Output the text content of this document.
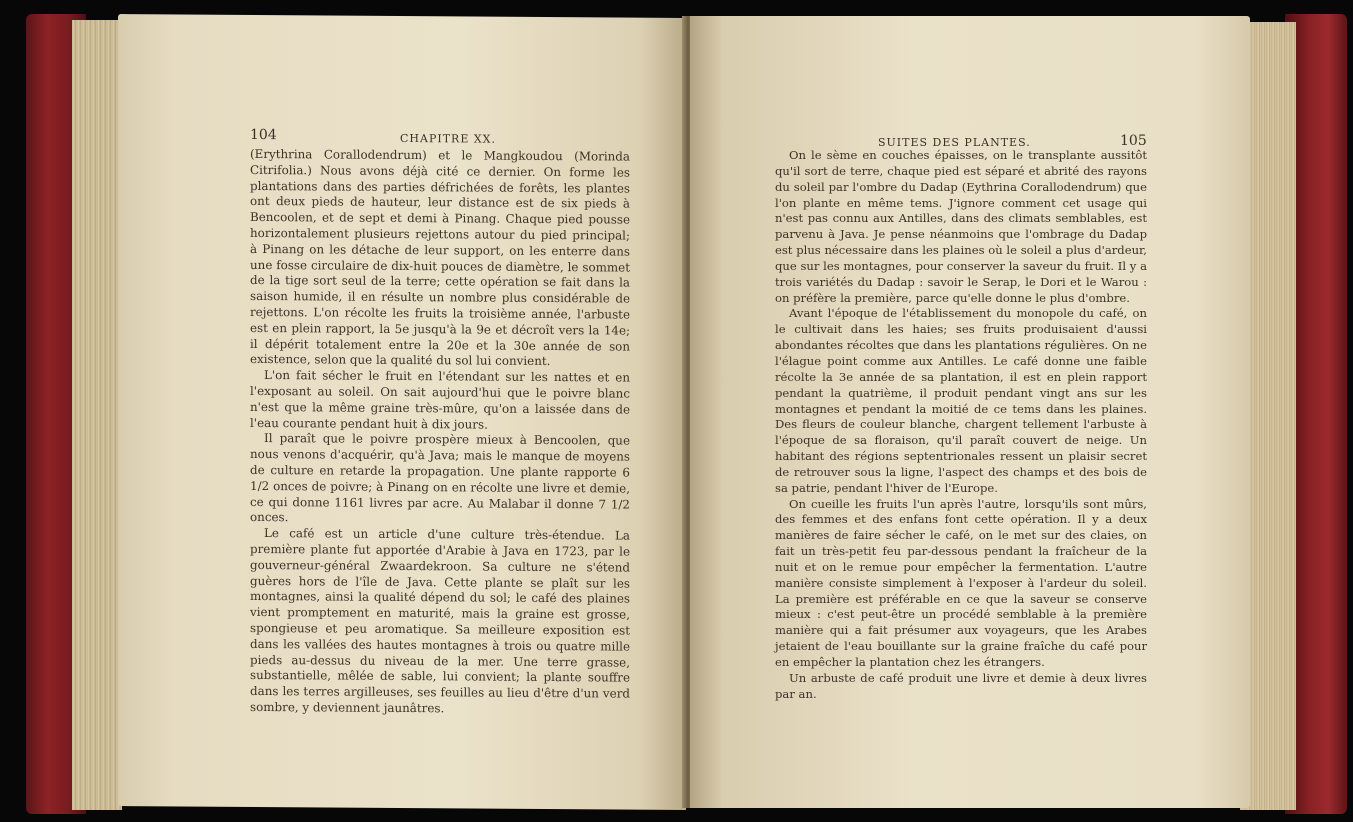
104	CHAPITRE XX.

(Erythrina Corallodendrum) et le Mangkoudou (Morinda Citrifolia.) Nous avons déjà cité ce dernier. On forme les plantations dans des parties défrichées de forêts, les plantes ont deux pieds de hauteur, leur distance est de six pieds à Bencoolen, et de sept et demi à Pinang. Chaque pied pousse horizontalement plusieurs rejettons autour du pied principal; à Pinang on les détache de leur support, on les enterre dans une fosse circulaire de dix-huit pouces de diamètre, le sommet de la tige sort seul de la terre; cette opération se fait dans la saison humide, il en résulte un nombre plus considérable de rejettons. L'on récolte les fruits la troisième année, l'arbuste est en plein rapport, la 5e jusqu'à la 9e et décroît vers la 14e; il dépérit totalement entre la 20e et la 30e année de son existence, selon que la qualité du sol lui convient.

L'on fait sécher le fruit en l'étendant sur les nattes et en l'exposant au soleil. On sait aujourd'hui que le poivre blanc n'est que la même graine très-mûre, qu'on a laissée dans de l'eau courante pendant huit à dix jours.

Il paraît que le poivre prospère mieux à Bencoolen, que nous venons d'acquérir, qu'à Java; mais le manque de moyens de culture en retarde la propagation. Une plante rapporte 6 1/2 onces de poivre; à Pinang on en récolte une livre et demie, ce qui donne 1161 livres par acre. Au Malabar il donne 7 1/2 onces.

Le café est un article d'une culture très-étendue. La première plante fut apportée d'Arabie à Java en 1723, par le gouverneur-général Zwaardekroon. Sa culture ne s'étend guères hors de l'île de Java. Cette plante se plaît sur les montagnes, ainsi la qualité dépend du sol; le café des plaines vient promptement en maturité, mais la graine est grosse, spongieuse et peu aromatique. Sa meilleure exposition est dans les vallées des hautes montagnes à trois ou quatre mille pieds au-dessus du niveau de la mer. Une terre grasse, substantielle, mêlée de sable, lui convient; la plante souffre dans les terres argilleuses, ses feuilles au lieu d'être d'un verd sombre, y deviennent jaunâtres.

SUITES DES PLANTES.	105

On le sème en couches épaisses, on le transplante aussitôt qu'il sort de terre, chaque pied est séparé et abrité des rayons du soleil par l'ombre du Dadap (Eythrina Corallodendrum) que l'on plante en même tems. J'ignore comment cet usage qui n'est pas connu aux Antilles, dans des climats semblables, est parvenu à Java. Je pense néanmoins que l'ombrage du Dadap est plus nécessaire dans les plaines où le soleil a plus d'ardeur, que sur les montagnes, pour conserver la saveur du fruit. Il y a trois variétés du Dadap : savoir le Serap, le Dori et le Warou : on préfère la première, parce qu'elle donne le plus d'ombre.

Avant l'époque de l'établissement du monopole du café, on le cultivait dans les haies; ses fruits produisaient d'aussi abondantes récoltes que dans les plantations régulières. On ne l'élague point comme aux Antilles. Le café donne une faible récolte la 3e année de sa plantation, il est en plein rapport pendant la quatrième, il produit pendant vingt ans sur les montagnes et pendant la moitié de ce tems dans les plaines. Des fleurs de couleur blanche, chargent tellement l'arbuste à l'époque de sa floraison, qu'il paraît couvert de neige. Un habitant des régions septentrionales ressent un plaisir secret de retrouver sous la ligne, l'aspect des champs et des bois de sa patrie, pendant l'hiver de l'Europe.

On cueille les fruits l'un après l'autre, lorsqu'ils sont mûrs, des femmes et des enfans font cette opération. Il y a deux manières de faire sécher le café, on le met sur des claies, on fait un très-petit feu par-dessous pendant la fraîcheur de la nuit et on le remue pour empêcher la fermentation. L'autre manière consiste simplement à l'exposer à l'ardeur du soleil. La première est préférable en ce que la saveur se conserve mieux : c'est peut-être un procédé semblable à la première manière qui a fait présumer aux voyageurs, que les Arabes jetaient de l'eau bouillante sur la graine fraîche du café pour en empêcher la plantation chez les étrangers.

Un arbuste de café produit une livre et demie à deux livres par an.
